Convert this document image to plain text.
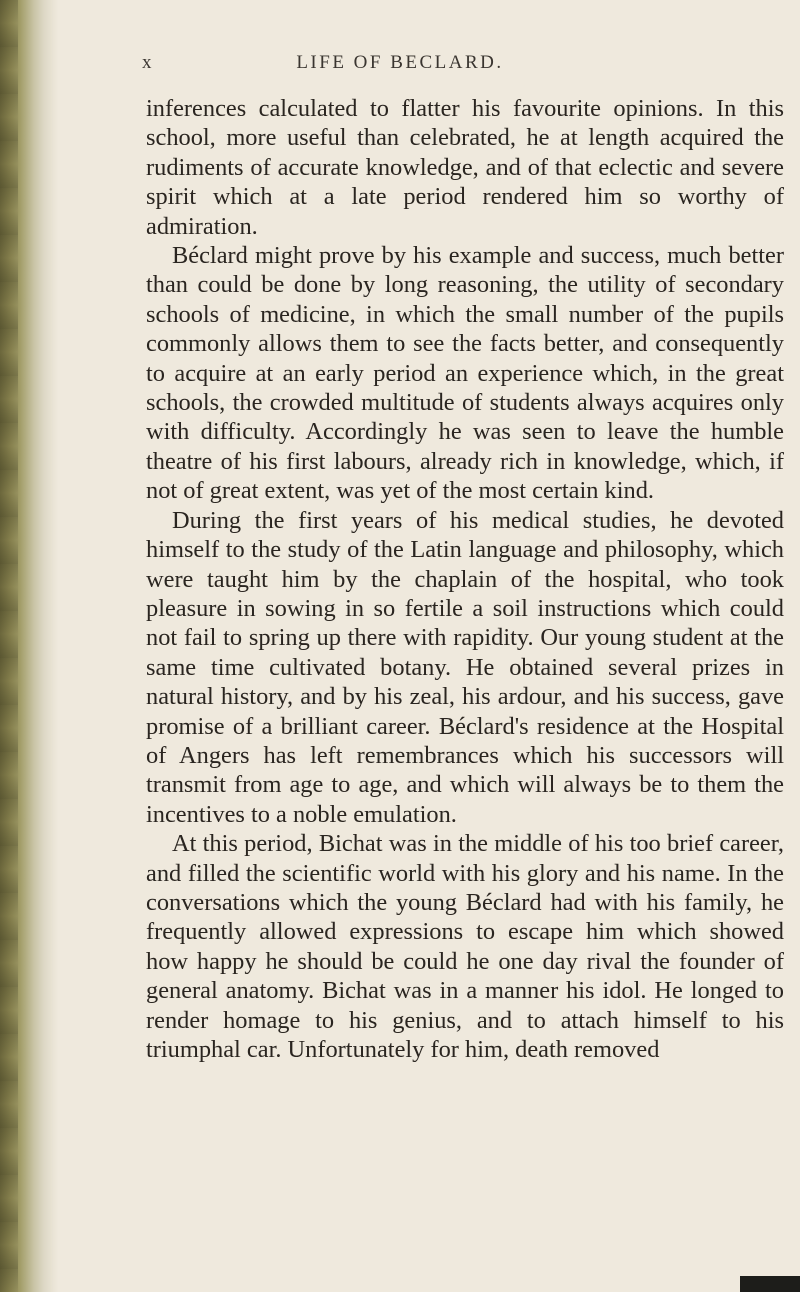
x	LIFE OF BECLARD.

inferences calculated to flatter his favourite opinions. In this school, more useful than celebrated, he at length acquired the rudiments of accurate knowledge, and of that eclectic and severe spirit which at a late period rendered him so worthy of admiration.

Béclard might prove by his example and success, much better than could be done by long reasoning, the utility of secondary schools of medicine, in which the small number of the pupils commonly allows them to see the facts better, and consequently to acquire at an early period an experience which, in the great schools, the crowded multitude of students always acquires only with difficulty. Accordingly he was seen to leave the humble theatre of his first labours, already rich in knowledge, which, if not of great extent, was yet of the most certain kind.

During the first years of his medical studies, he devoted himself to the study of the Latin language and philosophy, which were taught him by the chaplain of the hospital, who took pleasure in sowing in so fertile a soil instructions which could not fail to spring up there with rapidity. Our young student at the same time cultivated botany. He obtained several prizes in natural history, and by his zeal, his ardour, and his success, gave promise of a brilliant career. Béclard's residence at the Hospital of Angers has left remembrances which his successors will transmit from age to age, and which will always be to them the incentives to a noble emulation.

At this period, Bichat was in the middle of his too brief career, and filled the scientific world with his glory and his name. In the conversations which the young Béclard had with his family, he frequently allowed expressions to escape him which showed how happy he should be could he one day rival the founder of general anatomy. Bichat was in a manner his idol. He longed to render homage to his genius, and to attach himself to his triumphal car. Unfortunately for him, death removed
